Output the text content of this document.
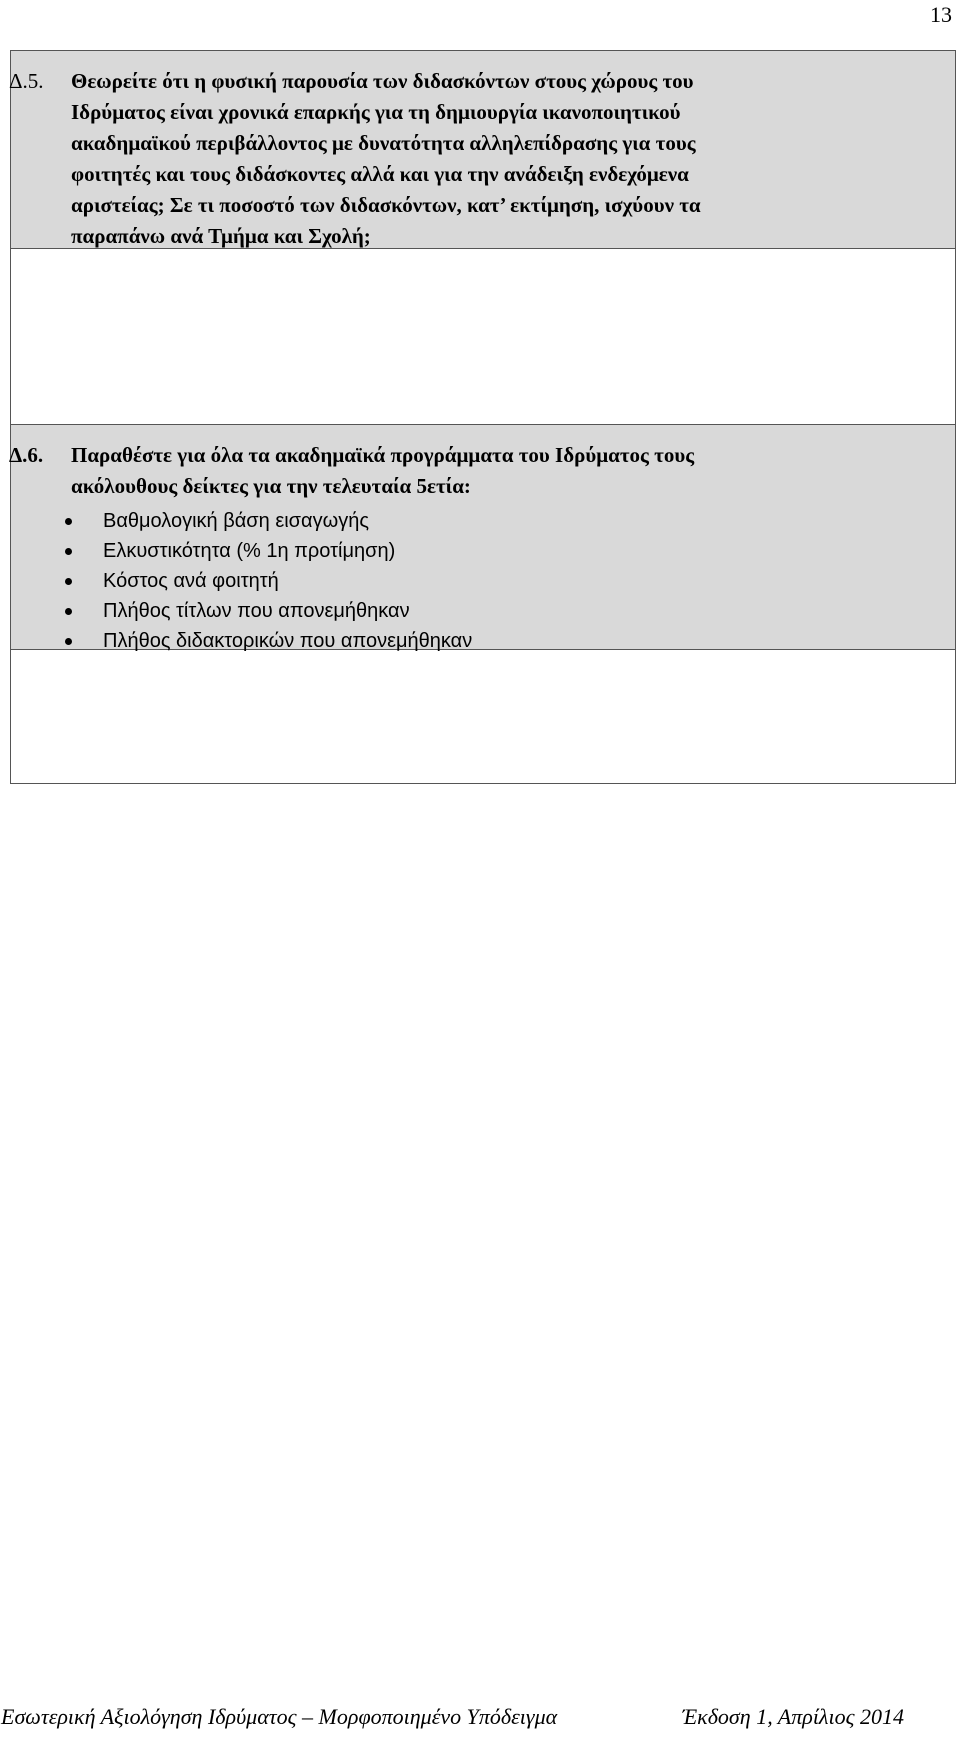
13
Δ.5. Θεωρείτε ότι η φυσική παρουσία των διδασκόντων στους χώρους του
Ιδρύματος είναι χρονικά επαρκής για τη δημιουργία ικανοποιητικού
ακαδημαϊκού περιβάλλοντος με δυνατότητα αλληλεπίδρασης για τους
φοιτητές και τους διδάσκοντες αλλά και για την ανάδειξη ενδεχόμενα
αριστείας; Σε τι ποσοστό των διδασκόντων, κατ’ εκτίμηση, ισχύουν τα
παραπάνω ανά Τμήμα και Σχολή;
Δ.6. Παραθέστε για όλα τα ακαδημαϊκά προγράμματα του Ιδρύματος τους
ακόλουθους δείκτες για την τελευταία 5ετία:
Βαθμολογική βάση εισαγωγής
Ελκυστικότητα (% 1η προτίμηση)
Κόστος ανά φοιτητή
Πλήθος τίτλων που απονεμήθηκαν
Πλήθος διδακτορικών που απονεμήθηκαν
Εσωτερική Αξιολόγηση Ιδρύματος – Μορφοποιημένο Υπόδειγμα	Έκδοση 1, Απρίλιος 2014
